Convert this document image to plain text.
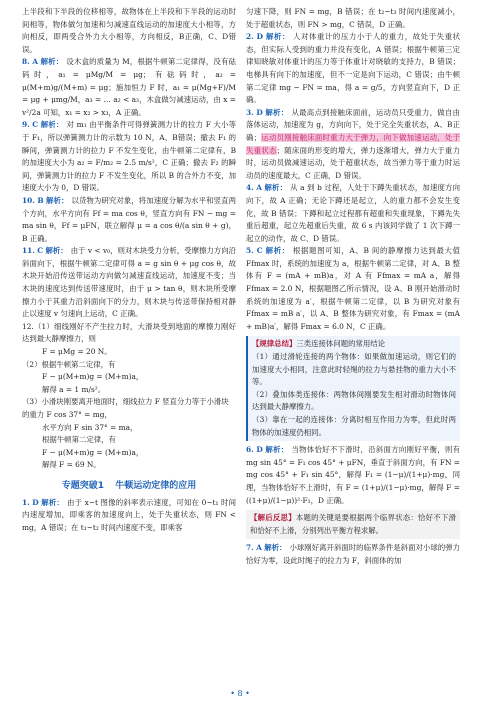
上半段和下半段的位移相等，故物体在上半段和下半段的运动时间相等，物体做匀加速和匀减速直线运动的加速度大小相等，方向相反，即两受合外力大小相等，方向相反，B正确，C、D错误。

8. A 解析： 设木盒的质量为 M，根据牛顿第二定律得，没有砝码时，a₁ = μMg/M = μg；有砝码时，a₂ = μ(M+m)g/(M+m) = μg；施加恒力 F 时，a₁ = μ(Mg+F)/M = μg + μmg/M，a₃ = … a₂ < a₃，木盒做匀减速运动，由 x = v²/2a 可知，x₁ = x₂ > x₃，A 正确。

9. C 解析： 对 m₁ 由平衡条件可得弹簧测力计的拉力 F 大小等于 F₁，所以弹簧测力计的示数为 10 N，A、B错误；撤去 F₁ 的瞬间，弹簧测力计的拉力 F 不发生变化，由牛顿第二定律有，B 的加速度大小为 a₂ = F/m₂ = 2.5 m/s²，C 正确；撤去 F₂ 的瞬间，弹簧测力计的拉力 F 不发生变化，所以 B 的合外力不变，加速度大小为 0，D 错误。

10. B 解析： 以货物为研究对象，将加速度分解为水平和竖直两个方向，水平方向有 Ff = ma cos θ，竖直方向有 FN − mg = ma sin θ，Ff = μFN，联立解得 μ = a cos θ/(a sin θ + g)，B 正确。

11. C 解析： 由于 v < v₀，则对木块受力分析，受摩擦力方向沿斜面向下，根据牛顿第二定律可得 a = g sin θ + μg cos θ，故木块开始沿传送带运动方向做匀减速直线运动，加速度不变；当木块的速度达到传送带速度时，由于 μ > tan θ，则木块所受摩擦力小于其重力沿斜面向下的分力，则木块与传送带保持相对静止以速度 v 匀速向上运动，C 正确。

12.（1）细线刚好不产生拉力时，大滑块受到地面的摩擦力刚好达到最大静摩擦力，则

F = μMg = 20 N。

（2）根据牛顿第二定律，有

F − μ(M+m)g = (M+m)a，

解得 a = 1 m/s²。

（3）小滑块刚要离开地面时，细线拉力 F 竖直分力等于小滑块的重力 F cos 37° = mg，

水平方向 F sin 37° = ma，

根据牛顿第二定律，有

F − μ(M+m)g = (M+m)a，

解得 F = 69 N。

专题突破1 牛顿运动定律的应用

1. D 解析： 由于 x−t 图像的斜率表示速度，可知在 0~t₁ 时间内速度增加，即乘客的加速度向上，处于失重状态，则 FN < mg，A 错误；在 t₁~t₂ 时间内速度不变，即乘客

匀速下降，则 FN = mg，B 错误；在 t₂~t₃ 时间内速度减小，处于超重状态，则 FN > mg，C 错误，D 正确。

2. D 解析： 人对体重计的压力小于人的重力，故处于失重状态，但实际人受到的重力并没有变化，A 错误；根据牛顿第三定律知晓敏对体重计的压力等于体重计对晓敏的支持力，B 错误；电梯具有向下的加速度，但不一定是向下运动，C 错误；由牛顿第二定律 mg − FN = ma，得 a = g/5，方向竖直向下，D 正确。

3. D 解析： 从最高点到接触床面前，运动员只受重力，做自由落体运动，加速度为 g，方向向下，处于完全失重状态，A、B正确；运动员刚接触床面时重力大于弹力，向下做加速运动，处于失重状态；随床面的形变的增大，弹力逐渐增大，弹力大于重力时，运动员做减速运动，处于超重状态，故当弹力等于重力时运动员的速度最大，C 正确，D 错误。

4. A 解析： 从 a 到 b 过程，人处于下蹲失重状态，加速度方向向下，故 A 正确；无论下蹲还是起立，人的重力都不会发生变化，故 B 错误；下蹲和起立过程都有超重和失重现象，下蹲先失重后超重，起立先超重后失重，故 6 s 内该同学做了 1 次下蹲一起立的动作，故 C、D 错误。

5. C 解析： 根据题图可知，A、B 间的静摩擦力达到最大值 Ffmax 时，系统的加速度为 a，根据牛顿第二定律，对 A、B 整体有 F = (mA + mB)a，对 A 有 Ffmax = mA a，解得 Ffmax = 2.0 N，根据题图乙所示情况，设 A、B 刚开始滑动时系统的加速度为 a′，根据牛顿第二定律，以 B 为研究对象有 Ffmax = mB a′，以 A、B 整体为研究对象，有 Fmax = (mA + mB)a′，解得 Fmax = 6.0 N，C 正确。

【规律总结】三类连接体问题的常用结论

（1）通过滑轮连接的两个物体：如果做加速运动，则它们的加速度大小相同，注意此时轻绳的拉力与悬挂物的重力大小不等。

（2）叠加体类连接体：两物体间刚要发生相对滑动时物体间达到最大静摩擦力。

（3）靠在一起的连接体：分离时相互作用力为零，但此时两物体的加速度仍相同。

6. D 解析： 当物体恰好不下滑时，沿斜面方向刚好平衡，则有 mg sin 45° = F₁ cos 45° + μFN，垂直于斜面方向，有 FN = mg cos 45° + F₁ sin 45°，解得 F₁ = (1−μ)/(1+μ)·mg，同理，当物体恰好不上滑时，有 F = (1+μ)/(1−μ)·mg，解得 F = ((1+μ)/(1−μ))²·F₁，D 正确。

【解后反思】本题的关键是要根据两个临界状态：恰好不下滑和恰好不上滑，分别列出平衡方程求解。

7. A 解析： 小球刚好离开斜面时的临界条件是斜面对小球的弹力恰好为零，设此时绳子的拉力为 F，斜面体的加

• 8 •
